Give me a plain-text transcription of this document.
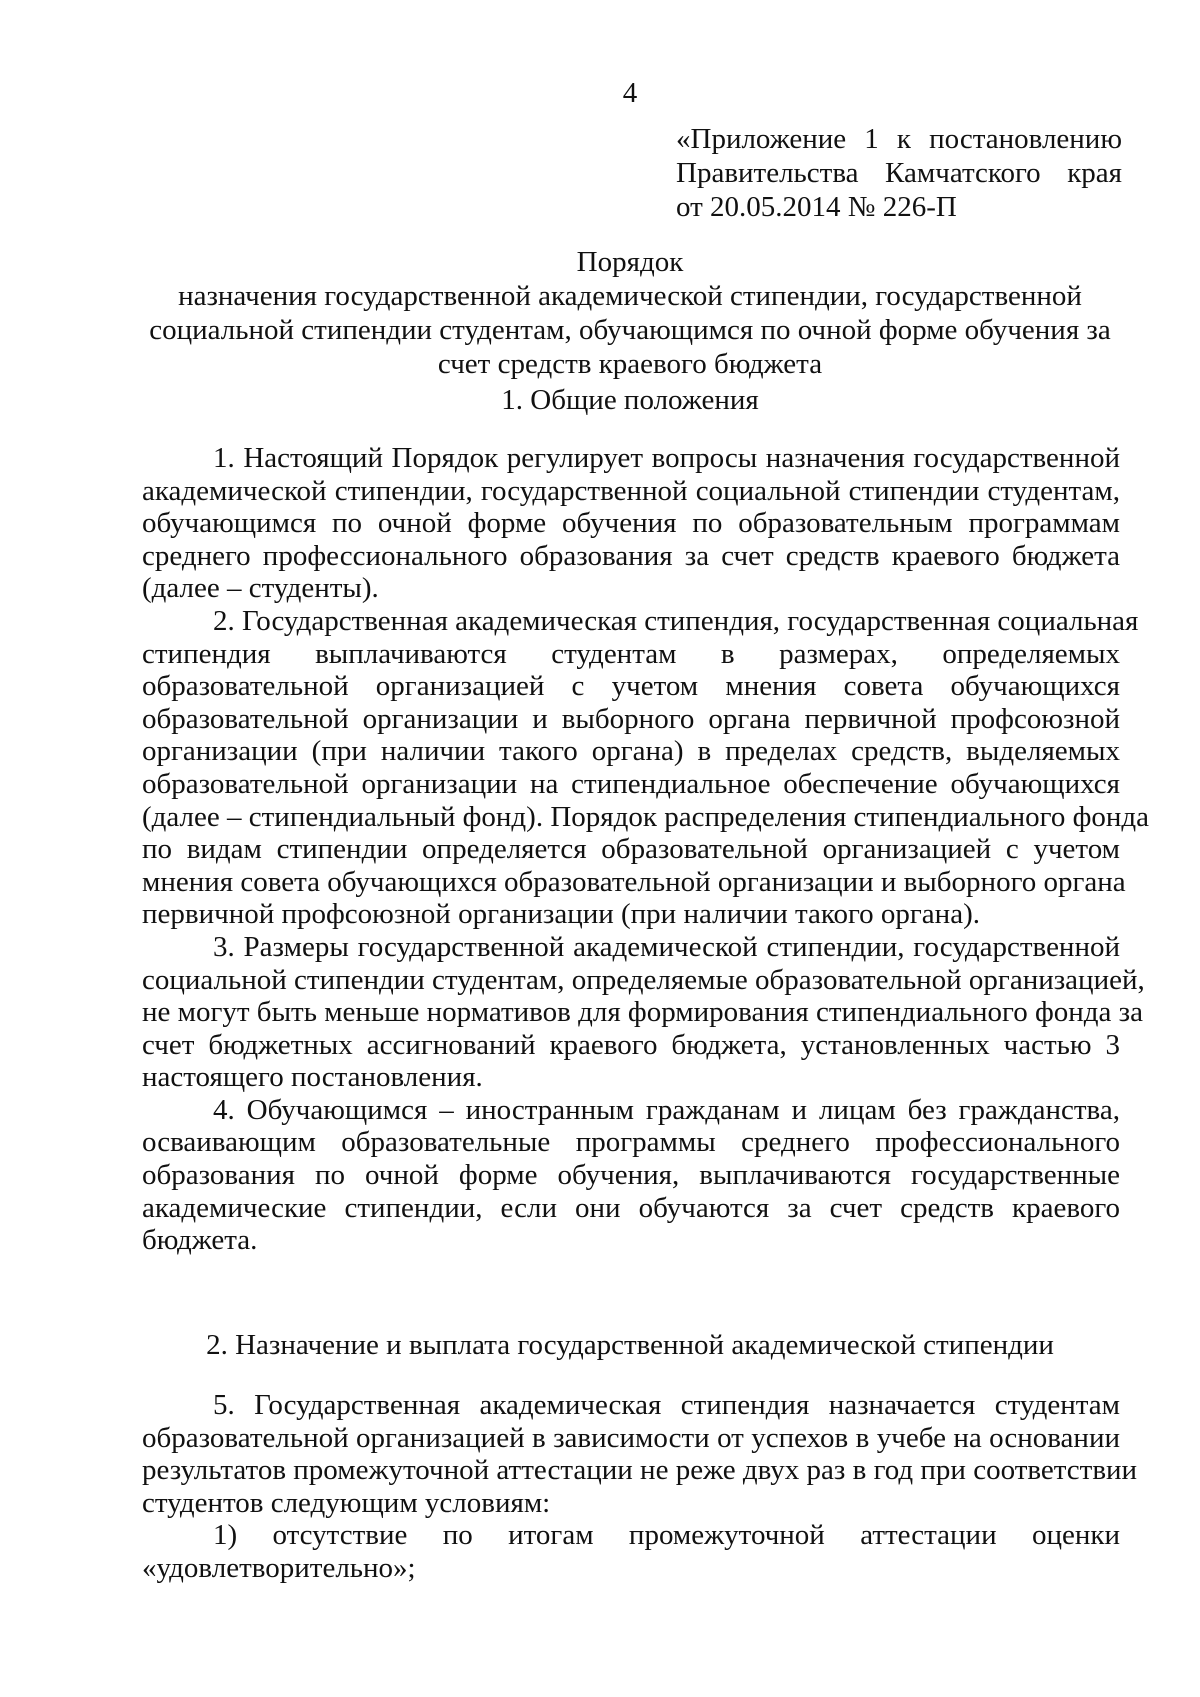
4
«Приложение 1 к постановлению
Правительства Камчатского края
от 20.05.2014 № 226-П
Порядок
назначения государственной академической стипендии, государственной
социальной стипендии студентам, обучающимся по очной форме обучения за
счет средств краевого бюджета
1. Общие положения
1. Настоящий Порядок регулирует вопросы назначения государственной
академической стипендии, государственной социальной стипендии студентам,
обучающимся по очной форме обучения по образовательным программам
среднего профессионального образования за счет средств краевого бюджета
(далее – студенты).
2. Государственная академическая стипендия, государственная социальная
стипендия выплачиваются студентам в размерах, определяемых
образовательной организацией с учетом мнения совета обучающихся
образовательной организации и выборного органа первичной профсоюзной
организации (при наличии такого органа) в пределах средств, выделяемых
образовательной организации на стипендиальное обеспечение обучающихся
(далее – стипендиальный фонд). Порядок распределения стипендиального фонда
по видам стипендии определяется образовательной организацией с учетом
мнения совета обучающихся образовательной организации и выборного органа
первичной профсоюзной организации (при наличии такого органа).
3. Размеры государственной академической стипендии, государственной
социальной стипендии студентам, определяемые образовательной организацией,
не могут быть меньше нормативов для формирования стипендиального фонда за
счет бюджетных ассигнований краевого бюджета, установленных частью 3
настоящего постановления.
4. Обучающимся – иностранным гражданам и лицам без гражданства,
осваивающим образовательные программы среднего профессионального
образования по очной форме обучения, выплачиваются государственные
академические стипендии, если они обучаются за счет средств краевого
бюджета.
2. Назначение и выплата государственной академической стипендии
5. Государственная академическая стипендия назначается студентам
образовательной организацией в зависимости от успехов в учебе на основании
результатов промежуточной аттестации не реже двух раз в год при соответствии
студентов следующим условиям:
1) отсутствие по итогам промежуточной аттестации оценки
«удовлетворительно»;
